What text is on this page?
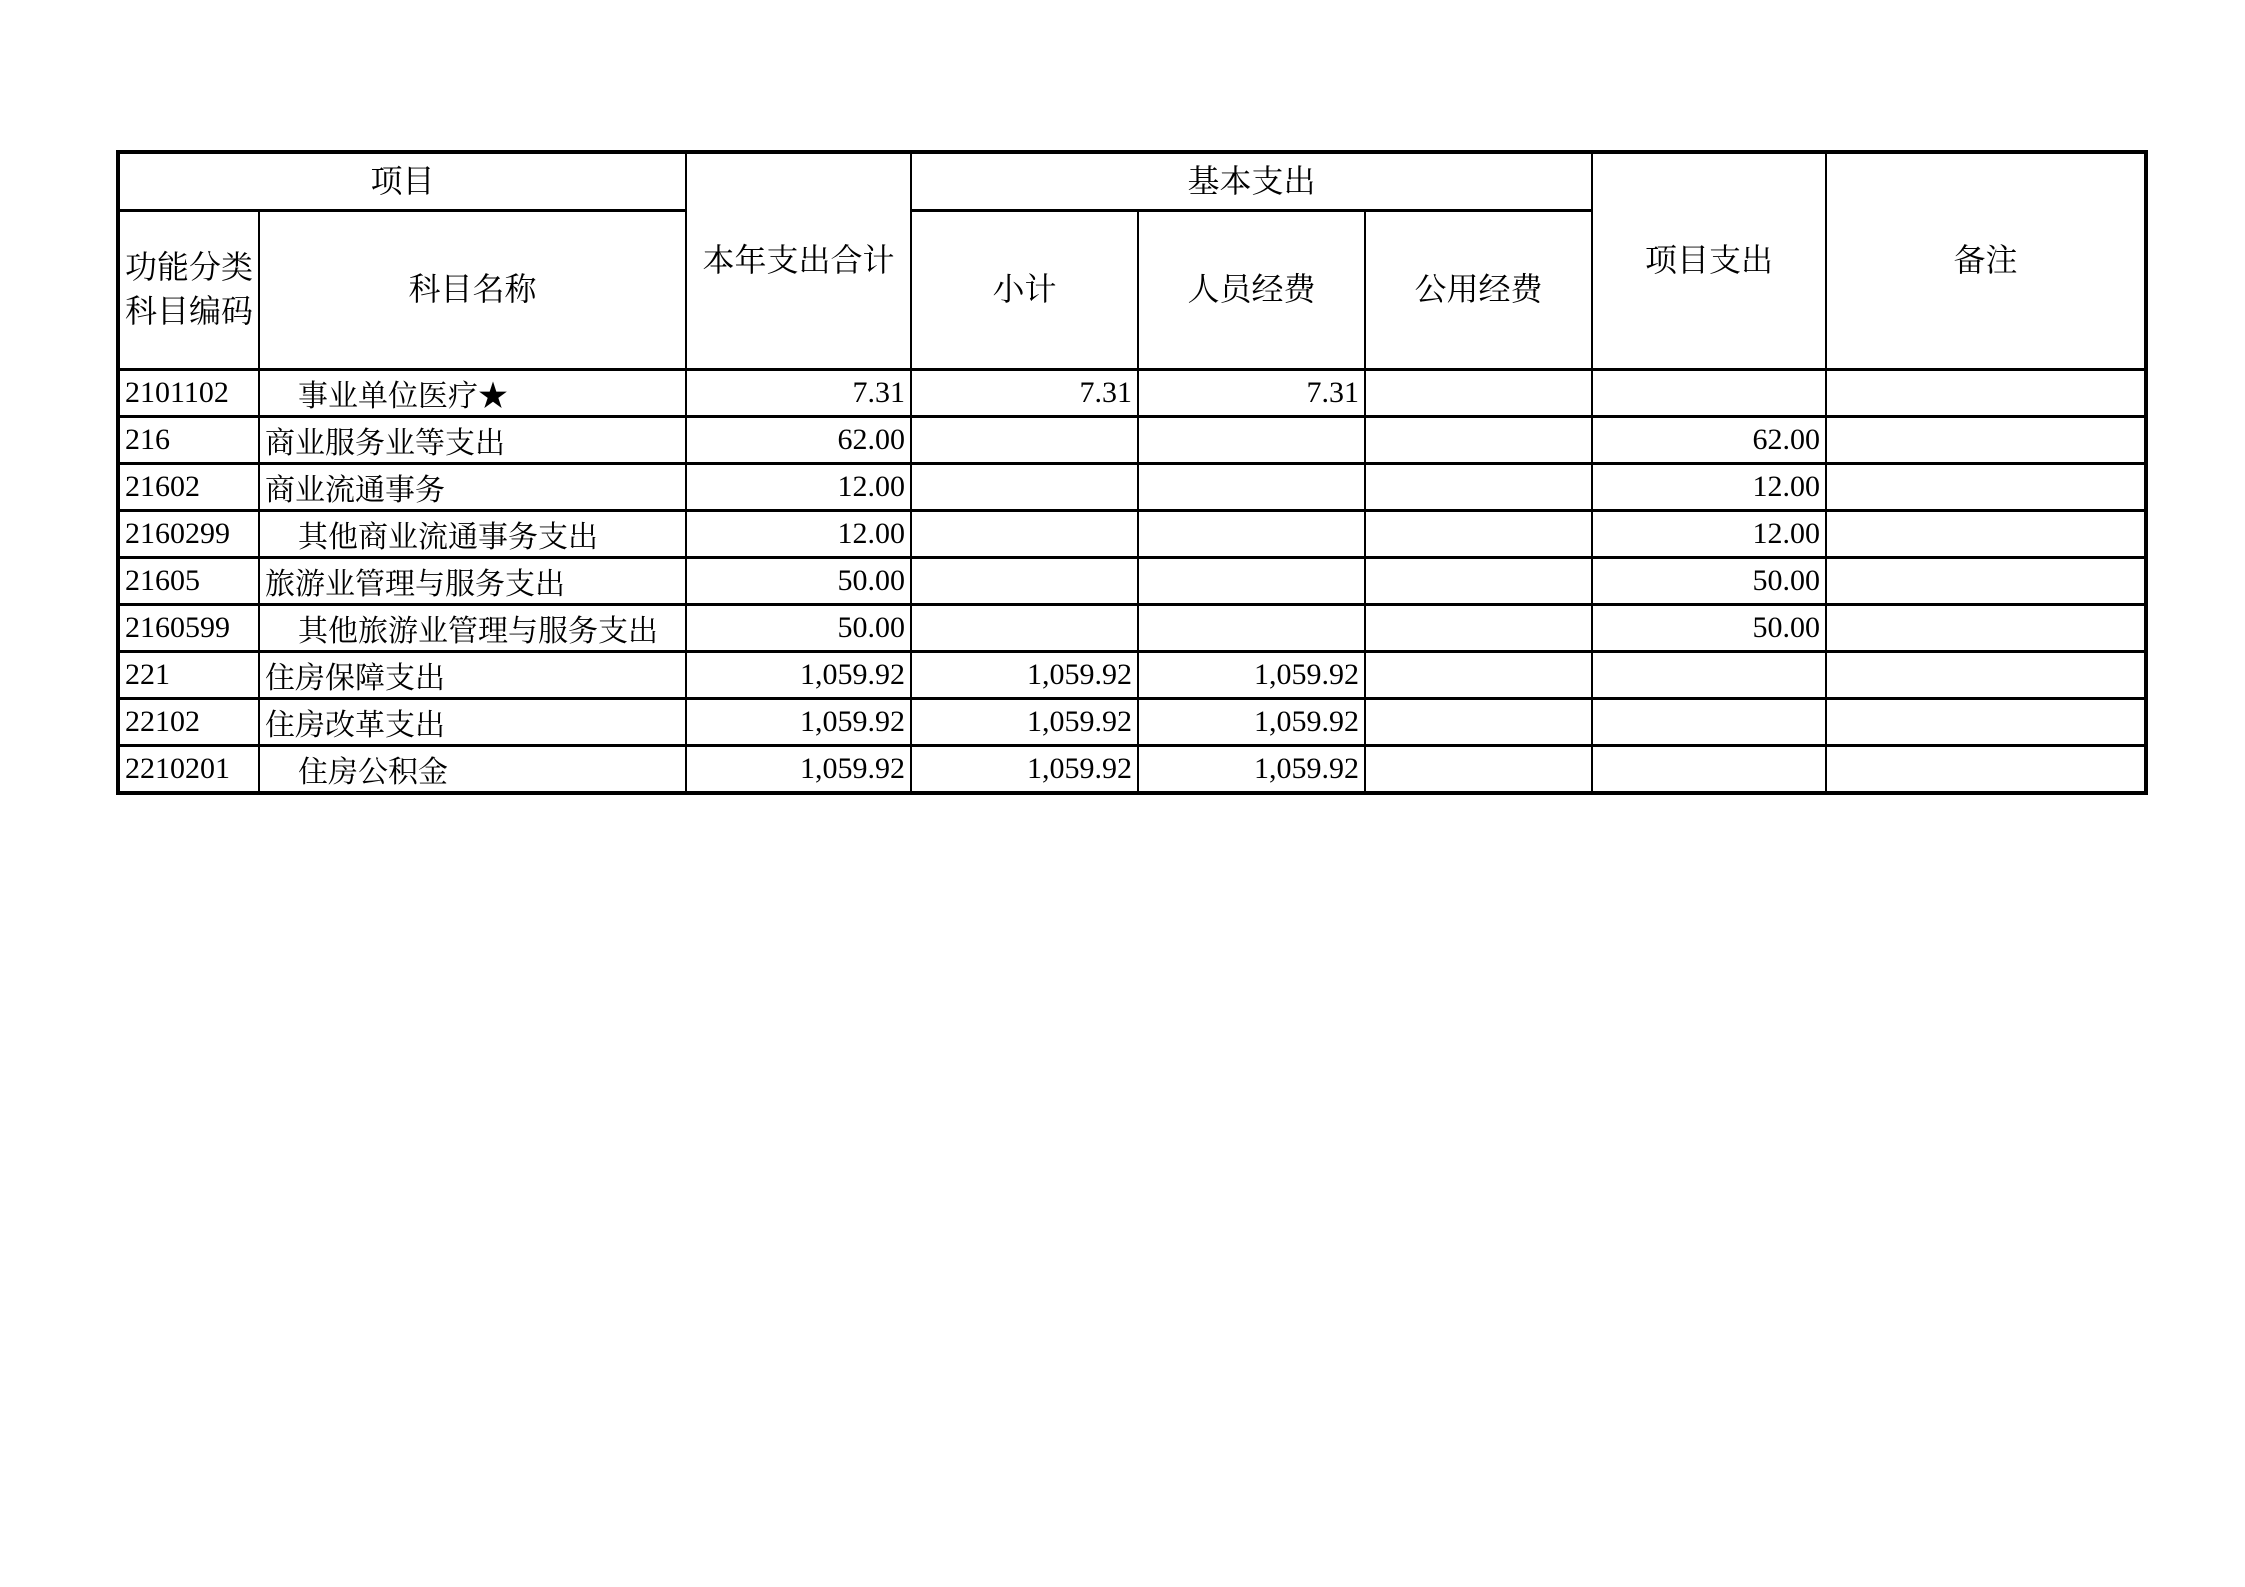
项目		本年支出合计	基本支出			项目支出	备注
功能分类
科目编码	科目名称		小计	人员经费	公用经费		
2101102	事业单位医疗★	7.31	7.31	7.31			
216	商业服务业等支出	62.00				62.00	
21602	商业流通事务	12.00				12.00	
2160299	其他商业流通事务支出	12.00				12.00	
21605	旅游业管理与服务支出	50.00				50.00	
2160599	其他旅游业管理与服务支出	50.00				50.00	
221	住房保障支出	1,059.92	1,059.92	1,059.92			
22102	住房改革支出	1,059.92	1,059.92	1,059.92			
2210201	住房公积金	1,059.92	1,059.92	1,059.92			
